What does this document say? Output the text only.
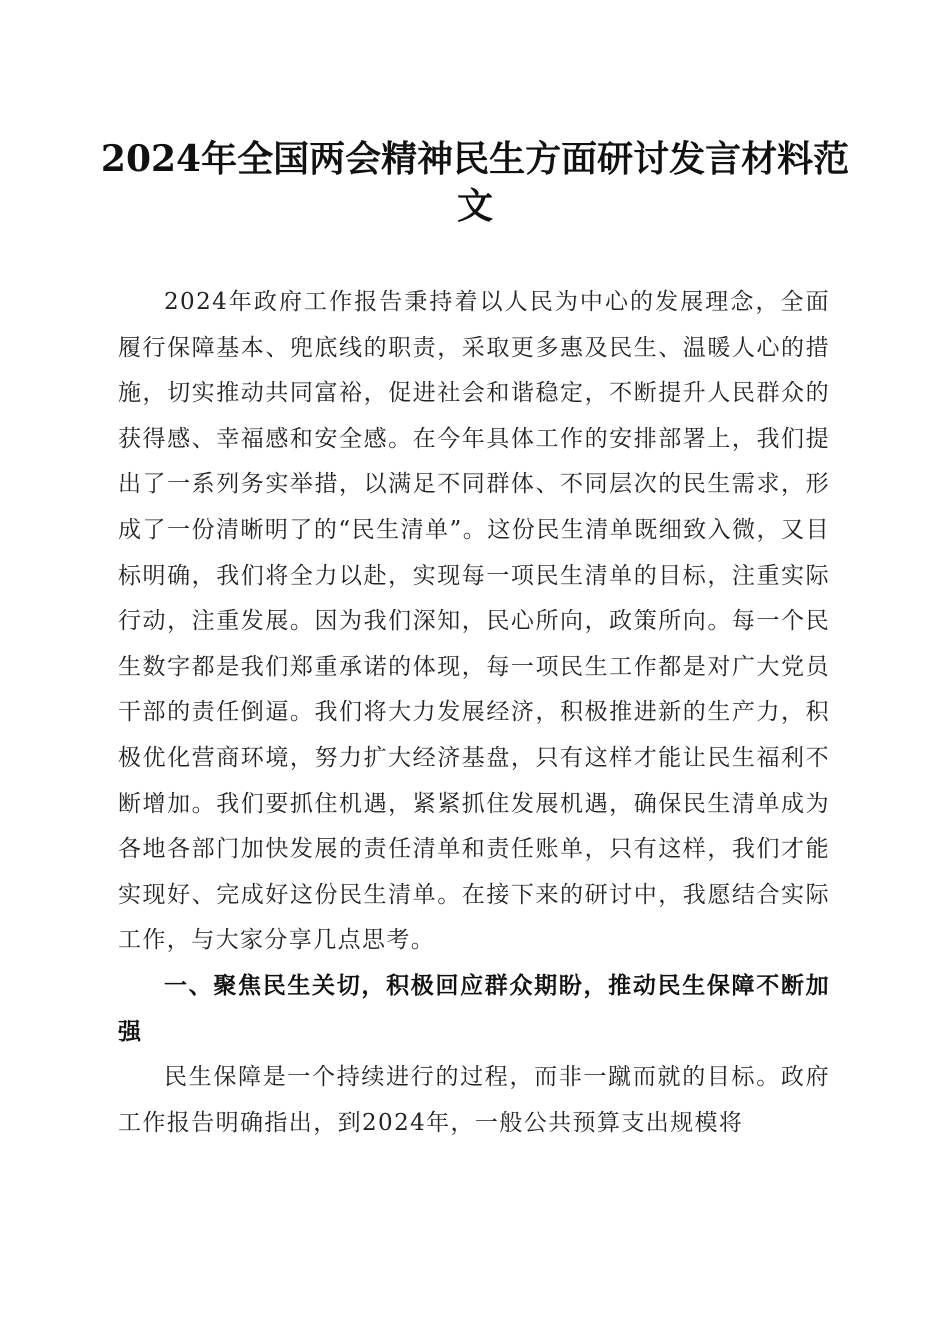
2024年全国两会精神民生方面研讨发言材料范文

2024年政府工作报告秉持着以人民为中心的发展理念，全面履行保障基本、兜底线的职责，采取更多惠及民生、温暖人心的措施，切实推动共同富裕，促进社会和谐稳定，不断提升人民群众的获得感、幸福感和安全感。在今年具体工作的安排部署上，我们提出了一系列务实举措，以满足不同群体、不同层次的民生需求，形成了一份清晰明了的“民生清单”。这份民生清单既细致入微，又目标明确，我们将全力以赴，实现每一项民生清单的目标，注重实际行动，注重发展。因为我们深知，民心所向，政策所向。每一个民生数字都是我们郑重承诺的体现，每一项民生工作都是对广大党员干部的责任倒逼。我们将大力发展经济，积极推进新的生产力，积极优化营商环境，努力扩大经济基盘，只有这样才能让民生福利不断增加。我们要抓住机遇，紧紧抓住发展机遇，确保民生清单成为各地各部门加快发展的责任清单和责任账单，只有这样，我们才能实现好、完成好这份民生清单。在接下来的研讨中，我愿结合实际工作，与大家分享几点思考。

一、聚焦民生关切，积极回应群众期盼，推动民生保障不断加强

民生保障是一个持续进行的过程，而非一蹴而就的目标。政府工作报告明确指出，到2024年，一般公共预算支出规模将
